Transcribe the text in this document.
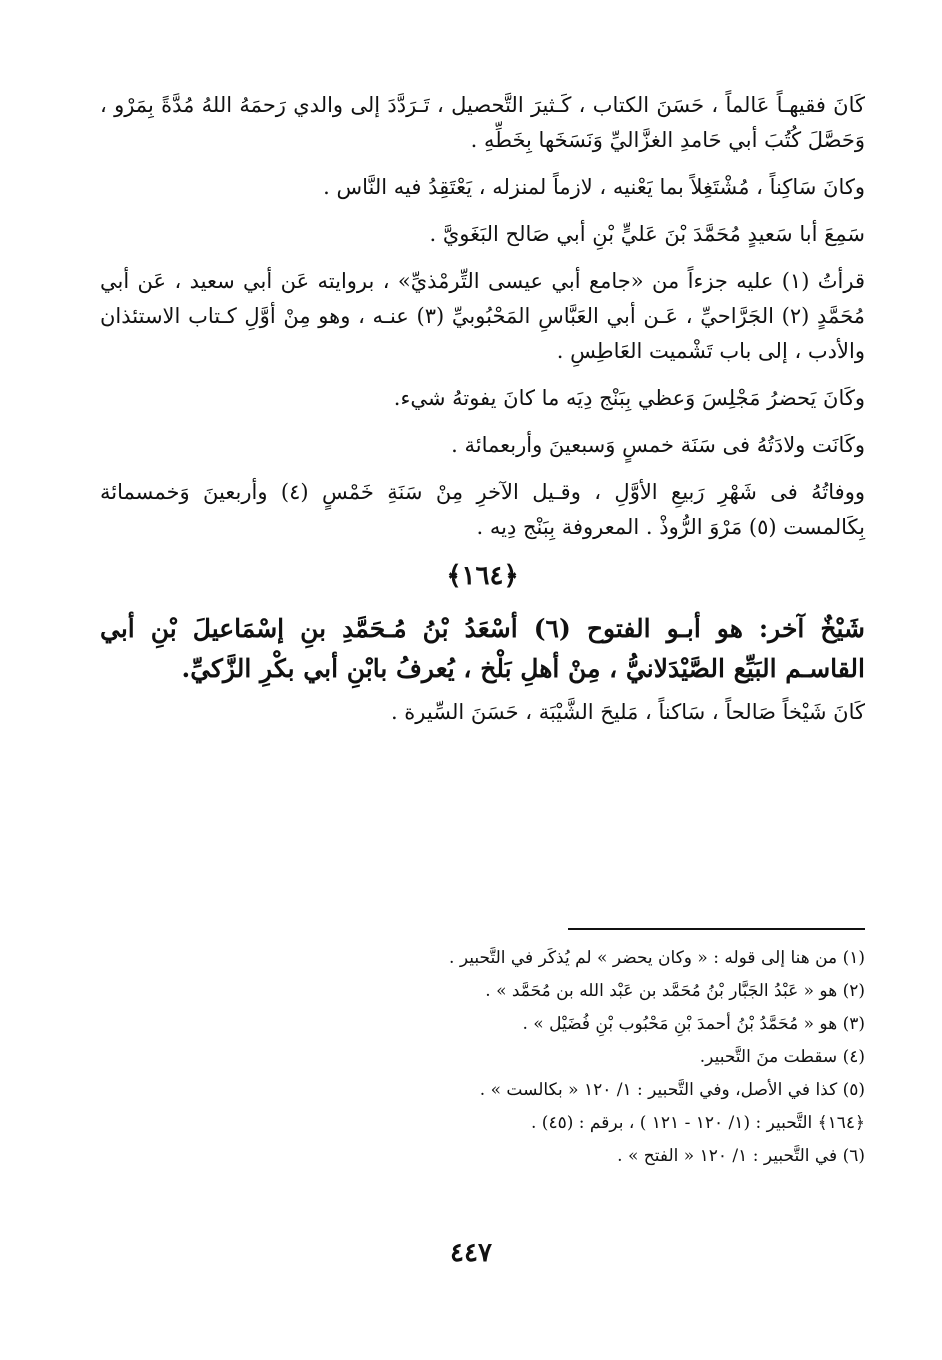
كَانَ فقيهـاً عَالماً ، حَسَنَ الكتاب ، كَـثيرَ التَّحصيل ، تَـرَدَّدَ إلى والدي رَحمَهُ اللهُ مُدَّةً بِمَرْو ، وَحَصَّلَ كُتُبَ أبي حَامدِ الغزَّاليِّ وَنَسَخَها بِخَطِّهِ .

وكانَ سَاكِناً ، مُشْتَغِلاً بما يَعْنيه ، لازماً لمنزله ، يَعْتَقِدُ فيه النَّاس .

سَمِعَ أبا سَعيدٍ مُحَمَّدَ بْنَ عَليٍّ بْنِ أبي صَالح البَغَويَّ .

قرأتُ (١) عليه جزءاً من «جامع أبي عيسى التِّرمْذيِّ» ، بروايته عَن أبي سعيد ، عَن أبي مُحَمَّدٍ (٢) الجَرَّاحيِّ ، عَـن أبي العَبَّاسِ المَحْبُوبيِّ (٣) عنـه ، وهو مِنْ أوَّلِ كـتاب الاستئذان والأدب ، إلى باب تَشْميت العَاطِسِ .

وكَانَ يَحضرُ مَجْلِسَ وَعظي بِبَنْج دِيَه ما كانَ يفوتهُ شيء.

وكَانَت ولادَتُهُ فى سَنَة خمسٍ وَسبعينَ وأربعمائة .

ووفاتُهُ فى شَهْرِ رَبيعِ الأوَّلِ ، وقـيل الآخرِ مِنْ سَنَةِ خَمْسٍ (٤) وأربعينَ وَخمسمائة بِكَالمست (٥) مَرْوَ الرُّوذْ . المعروفة بِبَنْج دِيه .

﴿١٦٤﴾

شَيْخٌ آخر: هو أبـو الفتوح (٦) أسْعَدُ بْنُ مُـحَمَّدِ بنِ إسْمَاعيلَ بْنِ أبي القاسـم البَيِّع الصَّيْدَلانيُّ ، مِنْ أهلِ بَلْخ ، يُعرفُ بابْنِ أبي بكْرِ الزَّكيِّ.

كَانَ شَيْخاً صَالحاً ، سَاكناً ، مَليحَ الشَّيْبَة ، حَسَنَ السِّيرة .

(١) من هنا إلى قوله : « وكان يحضر » لم يُذكَر في التَّحبير .

(٢) هو « عَبْدُ الجَبَّار بْنُ مُحَمَّد بن عَبْد الله بن مُحَمَّد » .

(٣) هو « مُحَمَّدُ بْنُ أحمدَ بْنِ مَحْبُوب بْنِ فُضَيْل » .

(٤) سقطت منَ التَّحبير.

(٥) كذا في الأصل، وفي التَّحبير : ١/ ١٢٠ « بكالست » .

﴿١٦٤﴾ التَّحبير : (١/ ١٢٠ - ١٢١ ) ، برقم : (٤٥) .

(٦) في التَّحبير : ١/ ١٢٠ « الفتح » .

٤٤٧
